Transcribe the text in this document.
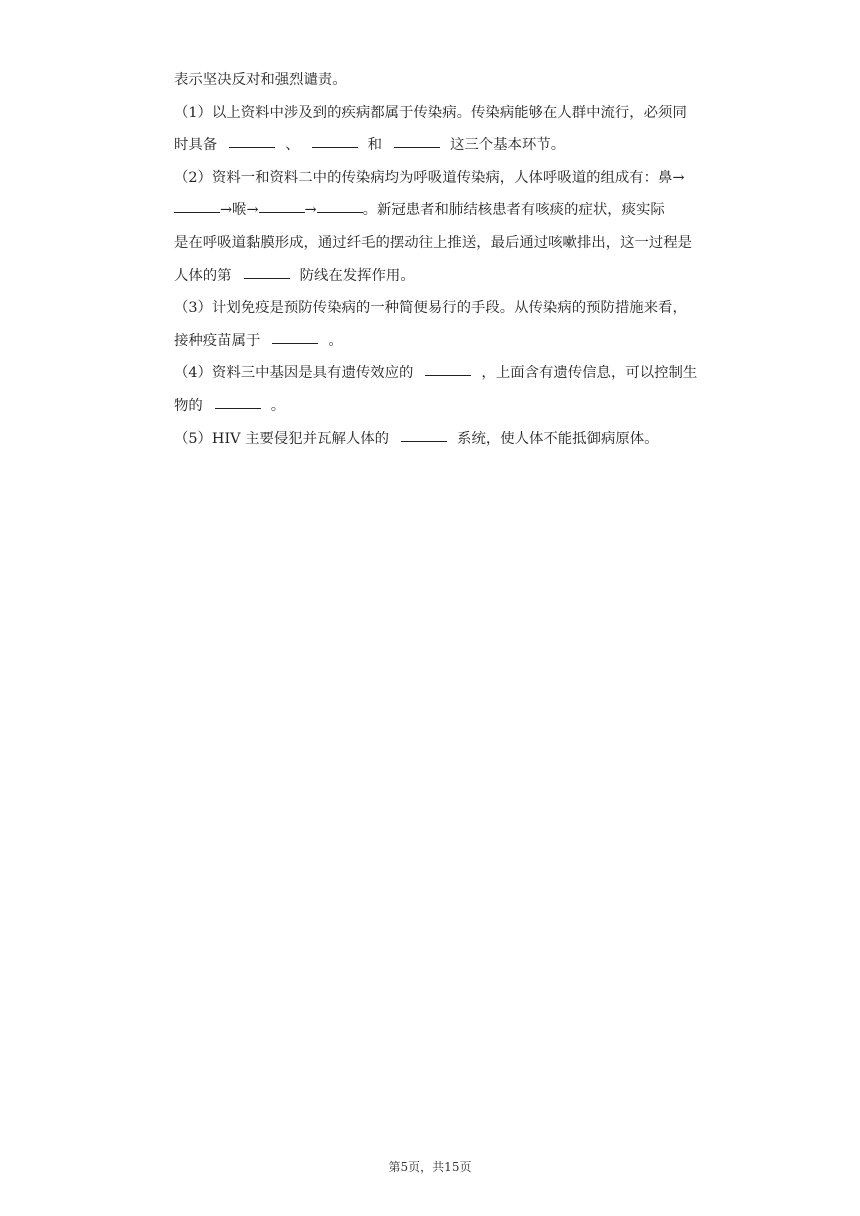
表示坚决反对和强烈谴责。
（1）以上资料中涉及到的疾病都属于传染病。传染病能够在人群中流行，必须同
时具备	、	和	这三个基本环节。
（2）资料一和资料二中的传染病均为呼吸道传染病，人体呼吸道的组成有：鼻→
→喉→	→	。新冠患者和肺结核患者有咳痰的症状，痰实际
是在呼吸道黏膜形成，通过纤毛的摆动往上推送，最后通过咳嗽排出，这一过程是
人体的第	防线在发挥作用。
（3）计划免疫是预防传染病的一种简便易行的手段。从传染病的预防措施来看，
接种疫苗属于	。
（4）资料三中基因是具有遗传效应的	，上面含有遗传信息，可以控制生
物的	。
（5）HIV 主要侵犯并瓦解人体的	系统，使人体不能抵御病原体。
第5页，共15页
